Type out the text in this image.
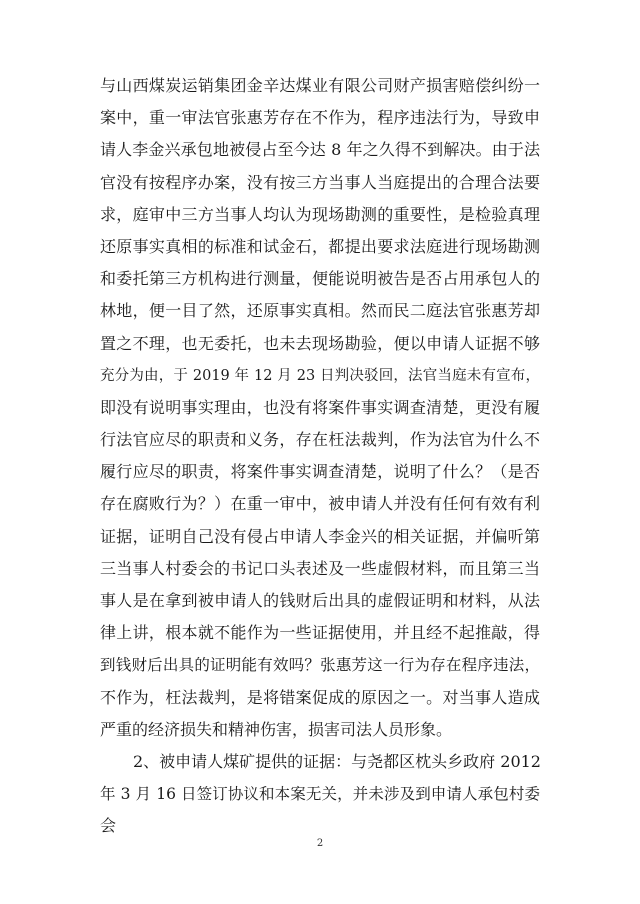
与山西煤炭运销集团金辛达煤业有限公司财产损害赔偿纠纷一
案中，重一审法官张惠芳存在不作为，程序违法行为，导致申
请人李金兴承包地被侵占至今达 8 年之久得不到解决。由于法
官没有按程序办案，没有按三方当事人当庭提出的合理合法要
求，庭审中三方当事人均认为现场勘测的重要性，是检验真理
还原事实真相的标准和试金石，都提出要求法庭进行现场勘测
和委托第三方机构进行测量，便能说明被告是否占用承包人的
林地，便一目了然，还原事实真相。然而民二庭法官张惠芳却
置之不理，也无委托，也未去现场勘验，便以申请人证据不够
充分为由，于 2019 年 12 月 23 日判决驳回，法官当庭未有宣布，
即没有说明事实理由，也没有将案件事实调查清楚，更没有履
行法官应尽的职责和义务，存在枉法裁判，作为法官为什么不
履行应尽的职责，将案件事实调查清楚，说明了什么？（是否
存在腐败行为？）在重一审中，被申请人并没有任何有效有利
证据，证明自己没有侵占申请人李金兴的相关证据，并偏听第
三当事人村委会的书记口头表述及一些虚假材料，而且第三当
事人是在拿到被申请人的钱财后出具的虚假证明和材料，从法
律上讲，根本就不能作为一些证据使用，并且经不起推敲，得
到钱财后出具的证明能有效吗？张惠芳这一行为存在程序违法，
不作为，枉法裁判，是将错案促成的原因之一。对当事人造成
严重的经济损失和精神伤害，损害司法人员形象。
2、被申请人煤矿提供的证据：与尧都区枕头乡政府 2012
年 3 月 16 日签订协议和本案无关，并未涉及到申请人承包村委
会
2
